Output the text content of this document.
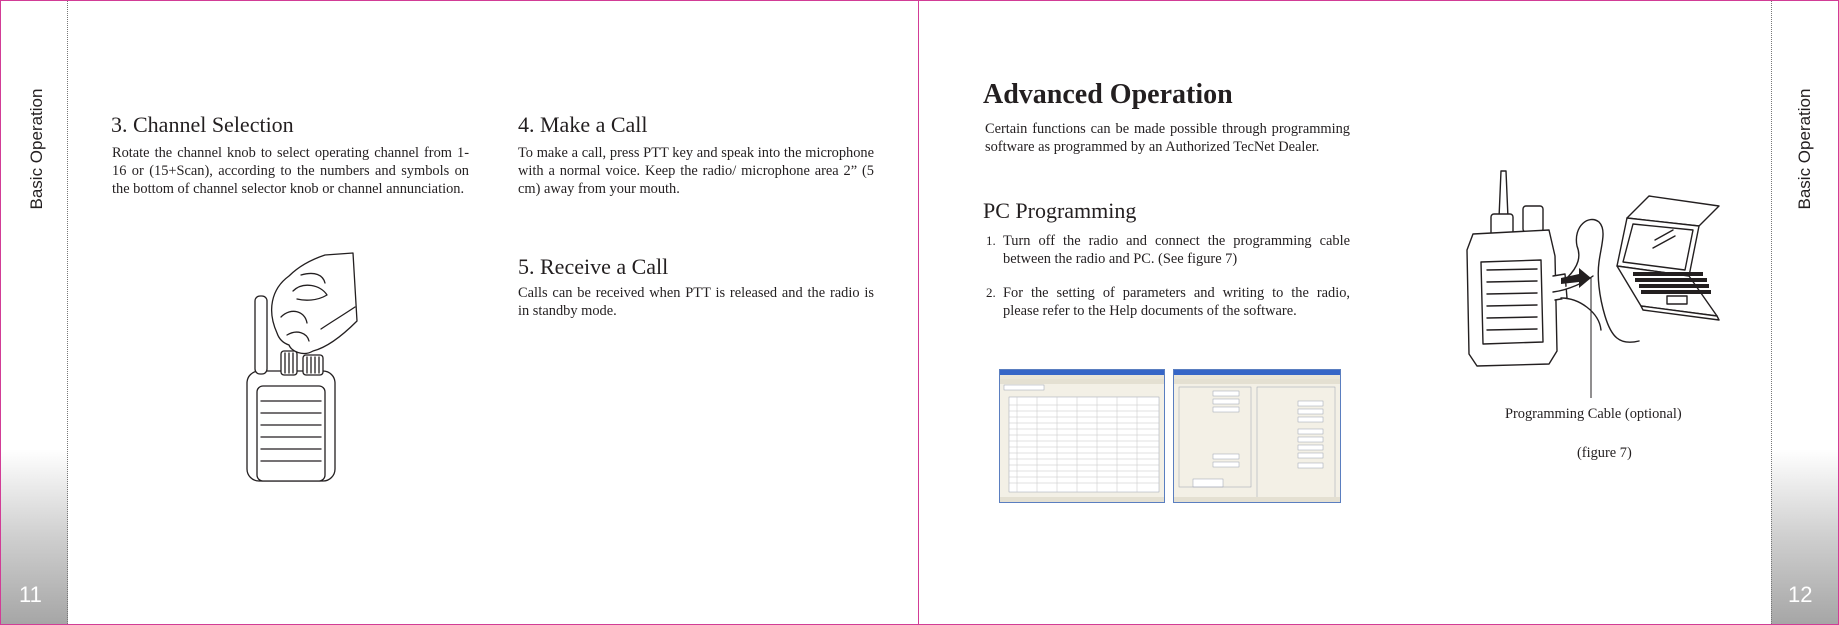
Basic Operation
11
3. Channel Selection

Rotate the channel knob to select operating channel from 1-16 or (15+Scan), according to the numbers and symbols on the bottom of channel selector knob or channel annunciation.

4. Make a Call

To make a call, press PTT key and speak into the microphone with a normal voice. Keep the radio/ microphone area 2” (5 cm) away from your mouth.

5. Receive a Call

Calls can be received when PTT is released and the radio is in standby mode.

Basic Operation
12
Advanced Operation

Certain functions can be made possible through programming software as programmed by an Authorized TecNet Dealer.

PC Programming
1. Turn off the radio and connect the programming cable between the radio and PC. (See figure 7)
2. For the setting of parameters and writing to the radio, please refer to the Help documents of the software.
Programming Cable (optional)
(figure 7)
